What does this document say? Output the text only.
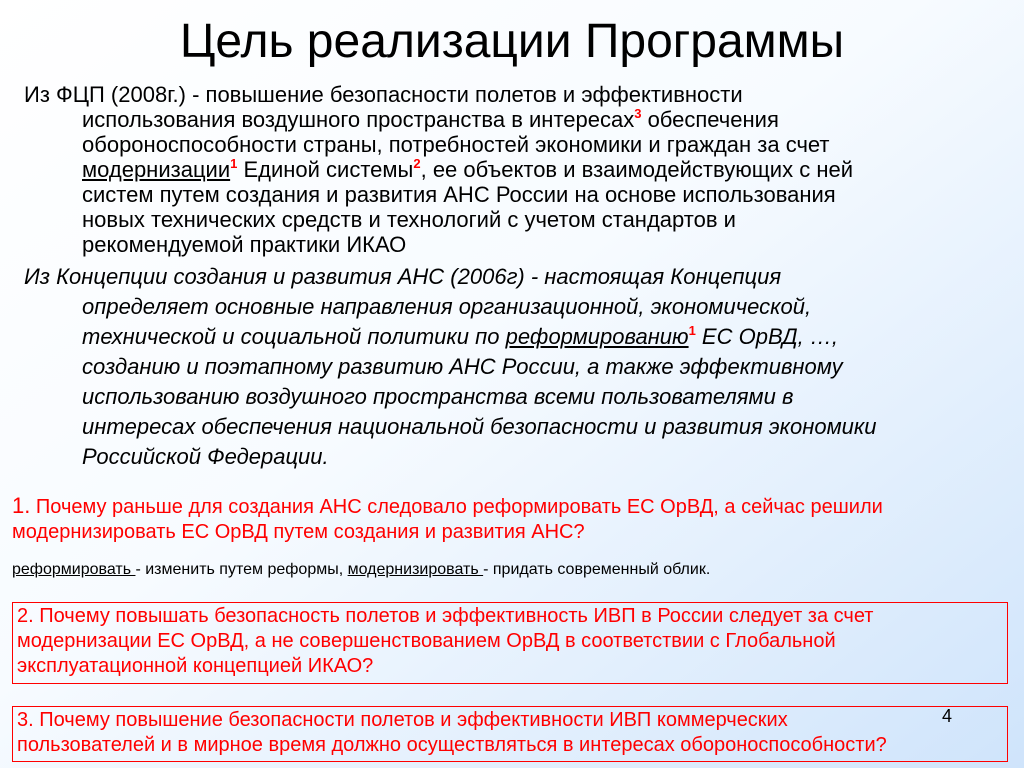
Цель реализации Программы
Из ФЦП (2008г.) - повышение безопасности полетов и эффективности
использования воздушного пространства в интересах$^3$ обеспечения
обороноспособности страны, потребностей экономики и граждан за счет
модернизации$^1$ Единой системы$^2$, ее объектов и взаимодействующих с ней
систем путем создания и развития АНС России на основе использования
новых технических средств и технологий с учетом стандартов и
рекомендуемой практики ИКАО
Из Концепции создания и развития АНС (2006г) - настоящая Концепция
определяет основные направления организационной, экономической,
технической и социальной политики по реформированию$^1$ ЕС ОрВД, …,
созданию и поэтапному развитию АНС России, а также эффективному
использованию воздушного пространства всеми пользователями в
интересах обеспечения национальной безопасности и развития экономики
Российской Федерации.
1. Почему раньше для создания АНС следовало реформировать ЕС ОрВД, а сейчас решили
модернизировать ЕС ОрВД путем создания и развития АНС?
реформировать - изменить путем реформы, модернизировать - придать современный облик.
2. Почему повышать безопасность полетов и эффективность ИВП в России следует за счет
модернизации ЕС ОрВД, а не совершенствованием ОрВД в соответствии с Глобальной
эксплуатационной концепцией ИКАО?
3. Почему повышение безопасности полетов и эффективности ИВП коммерческих
пользователей и в мирное время должно осуществляться в интересах обороноспособности?
4
